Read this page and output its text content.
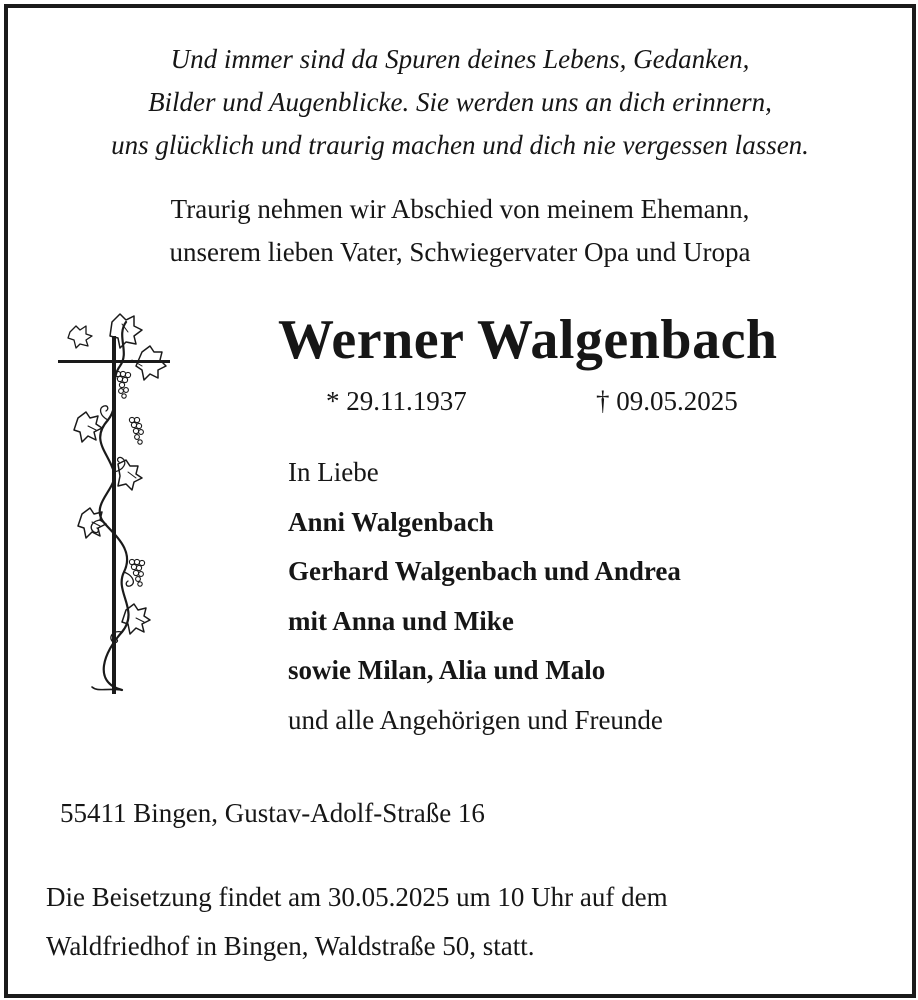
Und immer sind da Spuren deines Lebens, Gedanken,
Bilder und Augenblicke. Sie werden uns an dich erinnern,
uns glücklich und traurig machen und dich nie vergessen lassen.
Traurig nehmen wir Abschied von meinem Ehemann,
unserem lieben Vater, Schwiegervater Opa und Uropa
Werner Walgenbach
* 29.11.1937	† 09.05.2025
In Liebe
Anni Walgenbach
Gerhard Walgenbach und Andrea
mit Anna und Mike
sowie Milan, Alia und Malo
und alle Angehörigen und Freunde
55411 Bingen, Gustav-Adolf-Straße 16
Die Beisetzung findet am 30.05.2025 um 10 Uhr auf dem
Waldfriedhof in Bingen, Waldstraße 50, statt.
